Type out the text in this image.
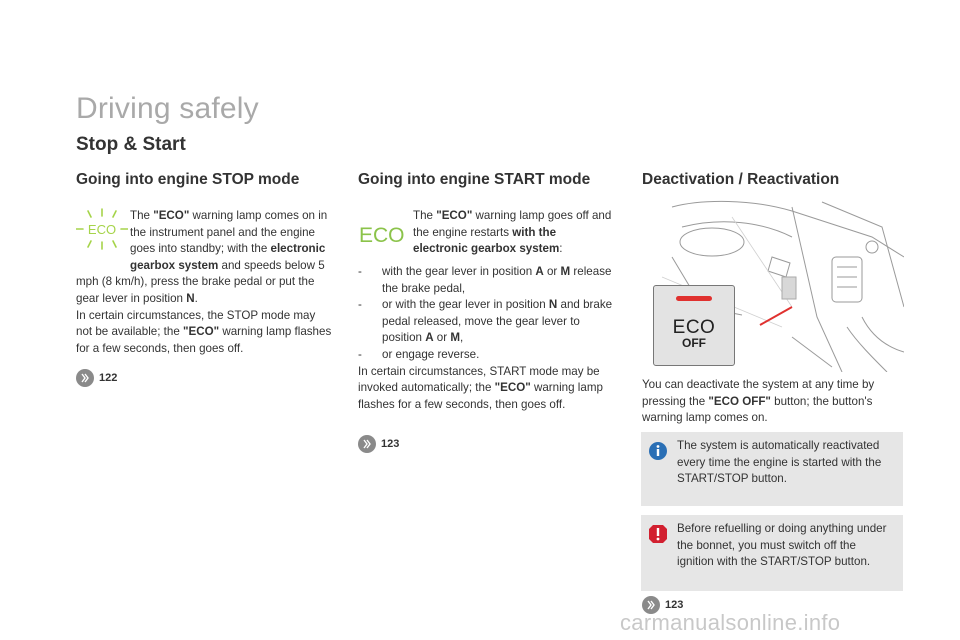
Driving safely
Stop & Start
Going into engine STOP mode
ECO
The "ECO" warning lamp comes on in the instrument panel and the engine goes into standby; with the electronic gearbox system and speeds below 5 mph (8 km/h), press the brake pedal or put the gear lever in position N.
In certain circumstances, the STOP mode may not be available; the "ECO" warning lamp flashes for a few seconds, then goes off.
122
Going into engine START mode
ECO
The "ECO" warning lamp goes off and the engine restarts with the electronic gearbox system:
- with the gear lever in position A or M release the brake pedal,
- or with the gear lever in position N and brake pedal released, move the gear lever to position A or M,
- or engage reverse.
In certain circumstances, START mode may be invoked automatically; the "ECO" warning lamp flashes for a few seconds, then goes off.
123
Deactivation / Reactivation
ECO
OFF
You can deactivate the system at any time by pressing the "ECO OFF" button; the button's warning lamp comes on.
The system is automatically reactivated every time the engine is started with the START/STOP button.
Before refuelling or doing anything under the bonnet, you must switch off the ignition with the START/STOP button.
123
carmanualsonline.info
